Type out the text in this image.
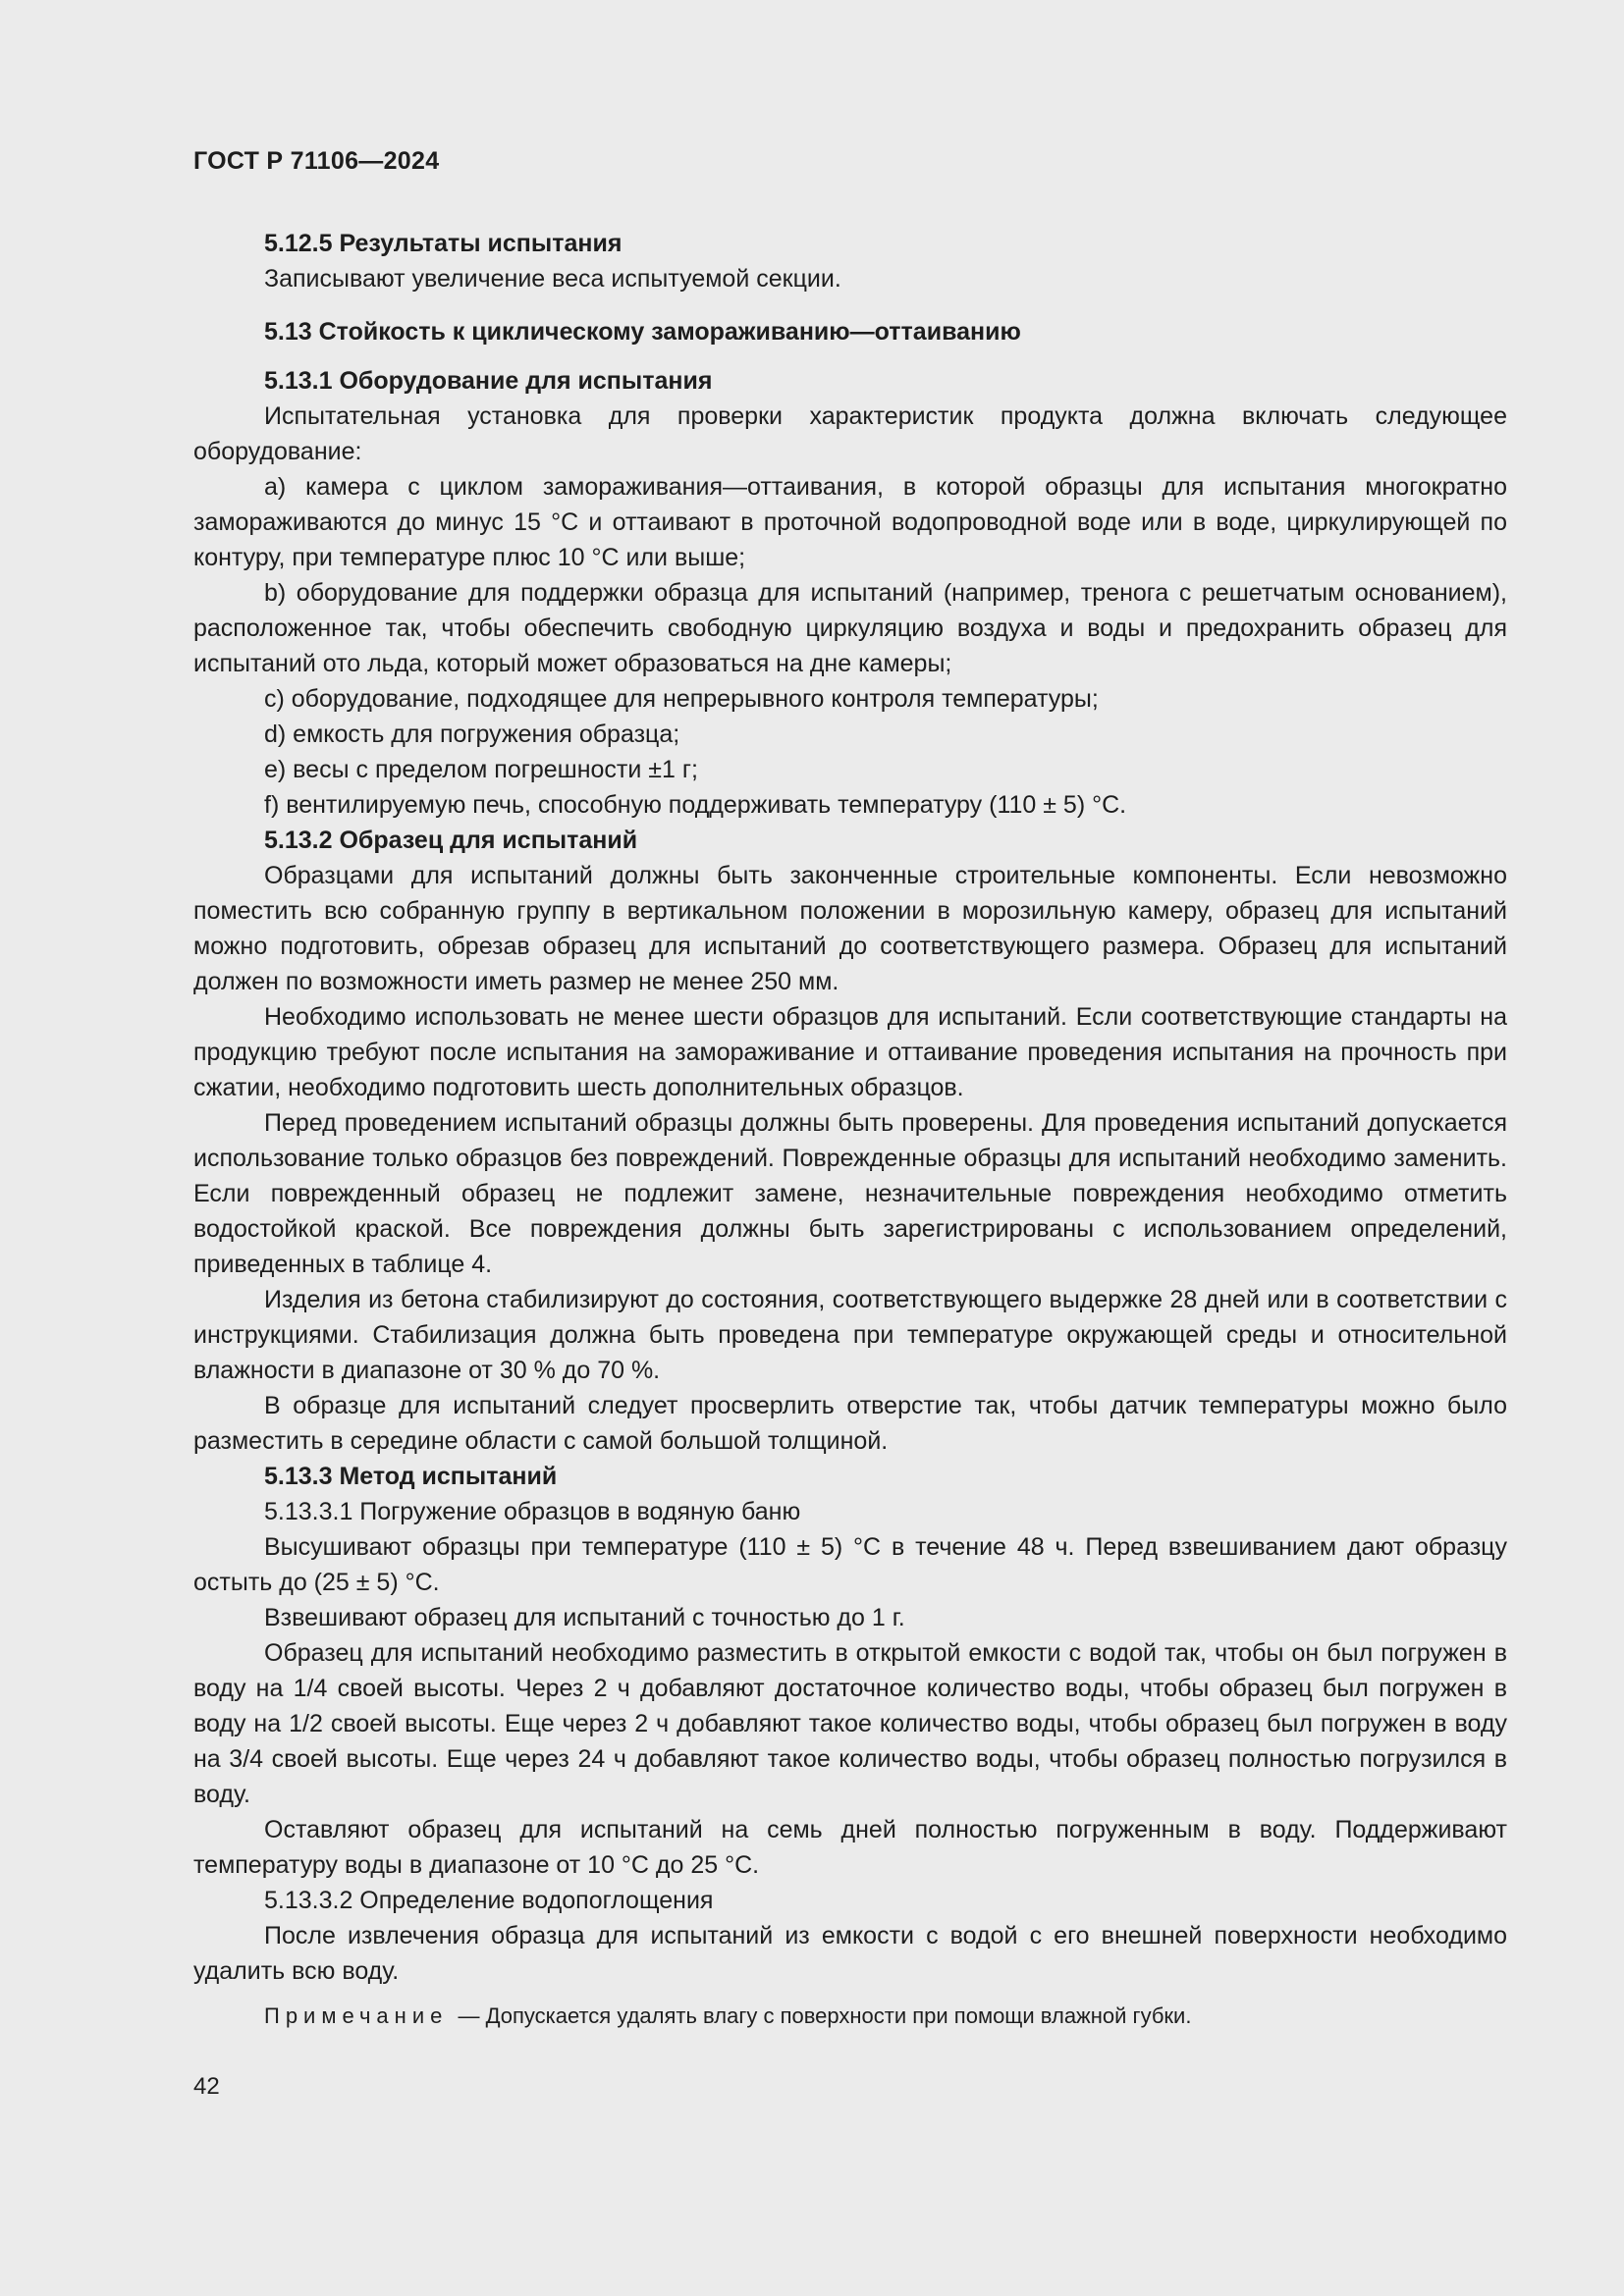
ГОСТ Р 71106—2024

5.12.5 Результаты испытания

Записывают увеличение веса испытуемой секции.

5.13 Стойкость к циклическому замораживанию—оттаиванию

5.13.1 Оборудование для испытания

Испытательная установка для проверки характеристик продукта должна включать следующее оборудование:

a) камера с циклом замораживания—оттаивания, в которой образцы для испытания многократно замораживаются до минус 15 °С и оттаивают в проточной водопроводной воде или в воде, циркулирующей по контуру, при температуре плюс 10 °С или выше;

b) оборудование для поддержки образца для испытаний (например, тренога с решетчатым основанием), расположенное так, чтобы обеспечить свободную циркуляцию воздуха и воды и предохранить образец для испытаний ото льда, который может образоваться на дне камеры;

c) оборудование, подходящее для непрерывного контроля температуры;

d) емкость для погружения образца;

e) весы с пределом погрешности ±1 г;

f) вентилируемую печь, способную поддерживать температуру (110 ± 5) °С.

5.13.2 Образец для испытаний

Образцами для испытаний должны быть законченные строительные компоненты. Если невозможно поместить всю собранную группу в вертикальном положении в морозильную камеру, образец для испытаний можно подготовить, обрезав образец для испытаний до соответствующего размера. Образец для испытаний должен по возможности иметь размер не менее 250 мм.

Необходимо использовать не менее шести образцов для испытаний. Если соответствующие стандарты на продукцию требуют после испытания на замораживание и оттаивание проведения испытания на прочность при сжатии, необходимо подготовить шесть дополнительных образцов.

Перед проведением испытаний образцы должны быть проверены. Для проведения испытаний допускается использование только образцов без повреждений. Поврежденные образцы для испытаний необходимо заменить. Если поврежденный образец не подлежит замене, незначительные повреждения необходимо отметить водостойкой краской. Все повреждения должны быть зарегистрированы с использованием определений, приведенных в таблице 4.

Изделия из бетона стабилизируют до состояния, соответствующего выдержке 28 дней или в соответствии с инструкциями. Стабилизация должна быть проведена при температуре окружающей среды и относительной влажности в диапазоне от 30 % до 70 %.

В образце для испытаний следует просверлить отверстие так, чтобы датчик температуры можно было разместить в середине области с самой большой толщиной.

5.13.3 Метод испытаний

5.13.3.1 Погружение образцов в водяную баню

Высушивают образцы при температуре (110 ± 5) °С в течение 48 ч. Перед взвешиванием дают образцу остыть до (25 ± 5) °С.

Взвешивают образец для испытаний с точностью до 1 г.

Образец для испытаний необходимо разместить в открытой емкости с водой так, чтобы он был погружен в воду на 1/4 своей высоты. Через 2 ч добавляют достаточное количество воды, чтобы образец был погружен в воду на 1/2 своей высоты. Еще через 2 ч добавляют такое количество воды, чтобы образец был погружен в воду на 3/4 своей высоты. Еще через 24 ч добавляют такое количество воды, чтобы образец полностью погрузился в воду.

Оставляют образец для испытаний на семь дней полностью погруженным в воду. Поддерживают температуру воды в диапазоне от 10 °С до 25 °С.

5.13.3.2 Определение водопоглощения

После извлечения образца для испытаний из емкости с водой с его внешней поверхности необходимо удалить всю воду.

Примечание — Допускается удалять влагу с поверхности при помощи влажной губки.

42
